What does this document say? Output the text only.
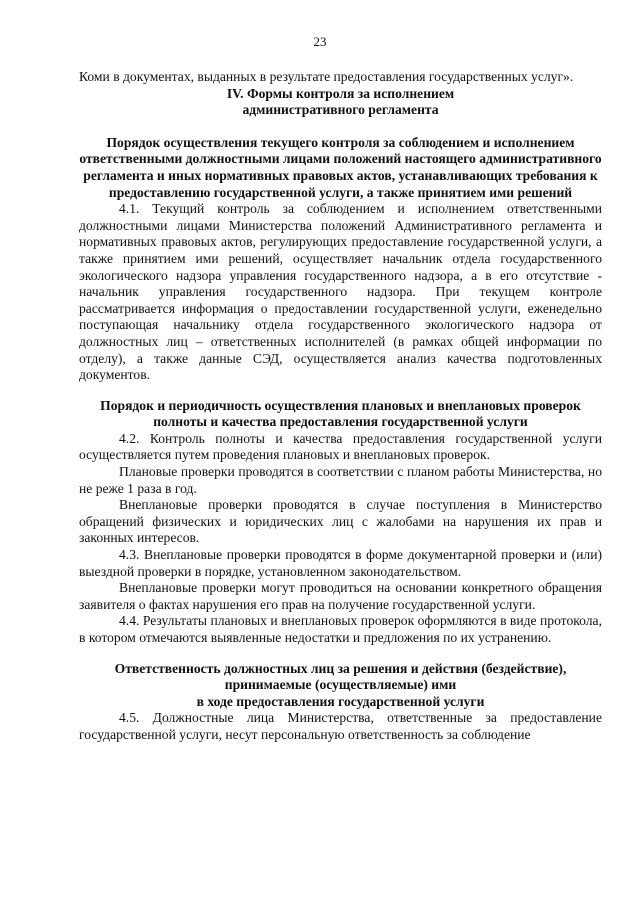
23

Коми в документах, выданных в результате предоставления государственных услуг».

IV. Формы контроля за исполнением

административного регламента

Порядок осуществления текущего контроля за соблюдением и исполнением ответственными должностными лицами положений настоящего административного регламента и иных нормативных правовых актов, устанавливающих требования к предоставлению государственной услуги, а также принятием ими решений

4.1. Текущий контроль за соблюдением и исполнением ответственными должностными лицами Министерства положений Административного регламента и нормативных правовых актов, регулирующих предоставление государственной услуги, а также принятием ими решений, осуществляет начальник отдела государственного экологического надзора управления государственного надзора, а в его отсутствие - начальник управления государственного надзора. При текущем контроле рассматривается информация о предоставлении государственной услуги, еженедельно поступающая начальнику отдела государственного экологического надзора от должностных лиц – ответственных исполнителей (в рамках общей информации по отделу), а также данные СЭД, осуществляется анализ качества подготовленных документов.

Порядок и периодичность осуществления плановых и внеплановых проверок полноты и качества предоставления государственной услуги

4.2. Контроль полноты и качества предоставления государственной услуги осуществляется путем проведения плановых и внеплановых проверок.

Плановые проверки проводятся в соответствии с планом работы Министерства, но не реже 1 раза в год.

Внеплановые проверки проводятся в случае поступления в Министерство обращений физических и юридических лиц с жалобами на нарушения их прав и законных интересов.

4.3. Внеплановые проверки проводятся в форме документарной проверки и (или) выездной проверки в порядке, установленном законодательством.

Внеплановые проверки могут проводиться на основании конкретного обращения заявителя о фактах нарушения его прав на получение государственной услуги.

4.4. Результаты плановых и внеплановых проверок оформляются в виде протокола, в котором отмечаются выявленные недостатки и предложения по их устранению.

Ответственность должностных лиц за решения и действия (бездействие),

принимаемые (осуществляемые) ими

в ходе предоставления государственной услуги

4.5. Должностные лица Министерства, ответственные за предоставление государственной услуги, несут персональную ответственность за соблюдение
